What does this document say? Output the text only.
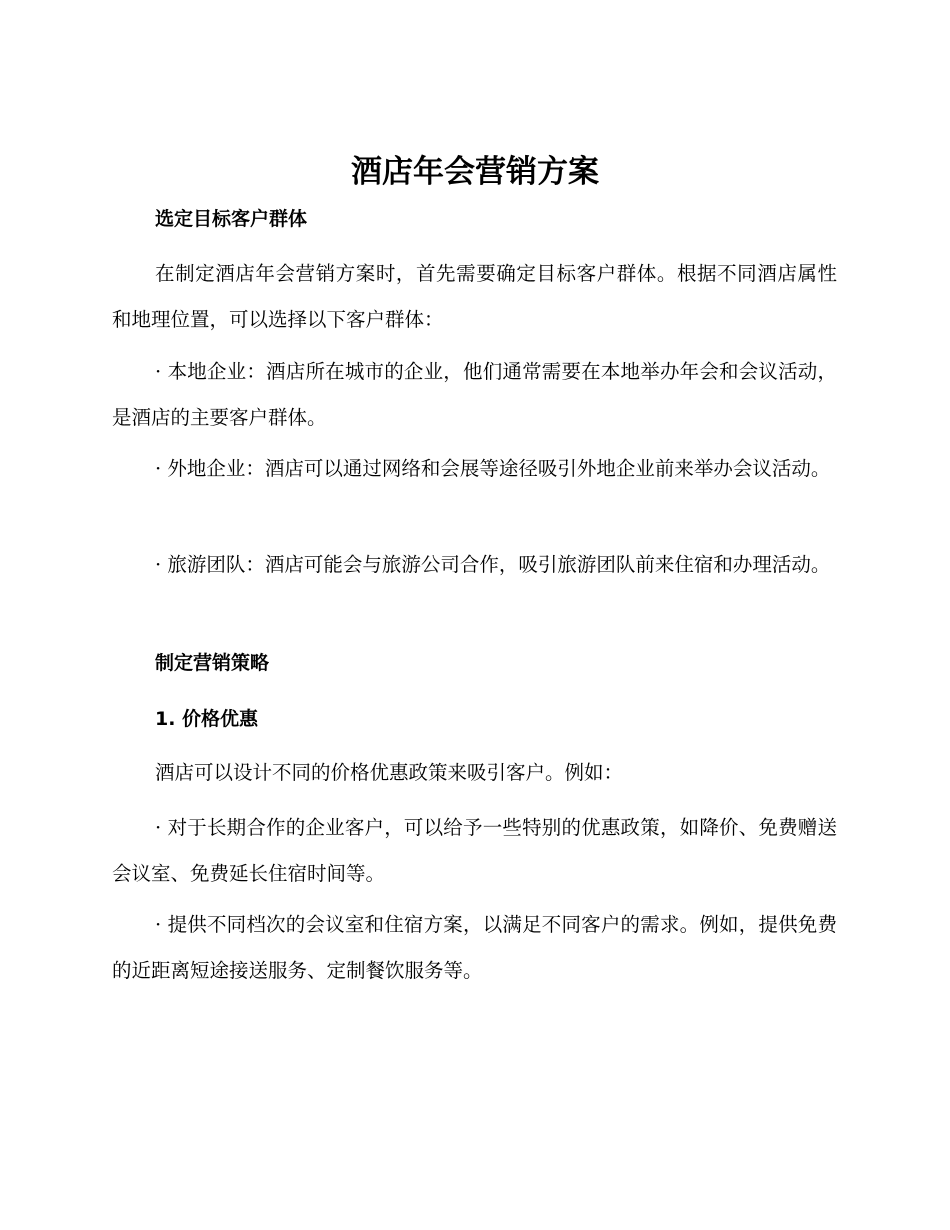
酒店年会营销方案
选定目标客户群体

在制定酒店年会营销方案时，首先需要确定目标客户群体。根据不同酒店属性和地理位置，可以选择以下客户群体：

· 本地企业：酒店所在城市的企业，他们通常需要在本地举办年会和会议活动，是酒店的主要客户群体。

· 外地企业：酒店可以通过网络和会展等途径吸引外地企业前来举办会议活动。

· 旅游团队：酒店可能会与旅游公司合作，吸引旅游团队前来住宿和办理活动。

制定营销策略
1. 价格优惠

酒店可以设计不同的价格优惠政策来吸引客户。例如：

· 对于长期合作的企业客户，可以给予一些特别的优惠政策，如降价、免费赠送会议室、免费延长住宿时间等。

· 提供不同档次的会议室和住宿方案，以满足不同客户的需求。例如，提供免费的近距离短途接送服务、定制餐饮服务等。
